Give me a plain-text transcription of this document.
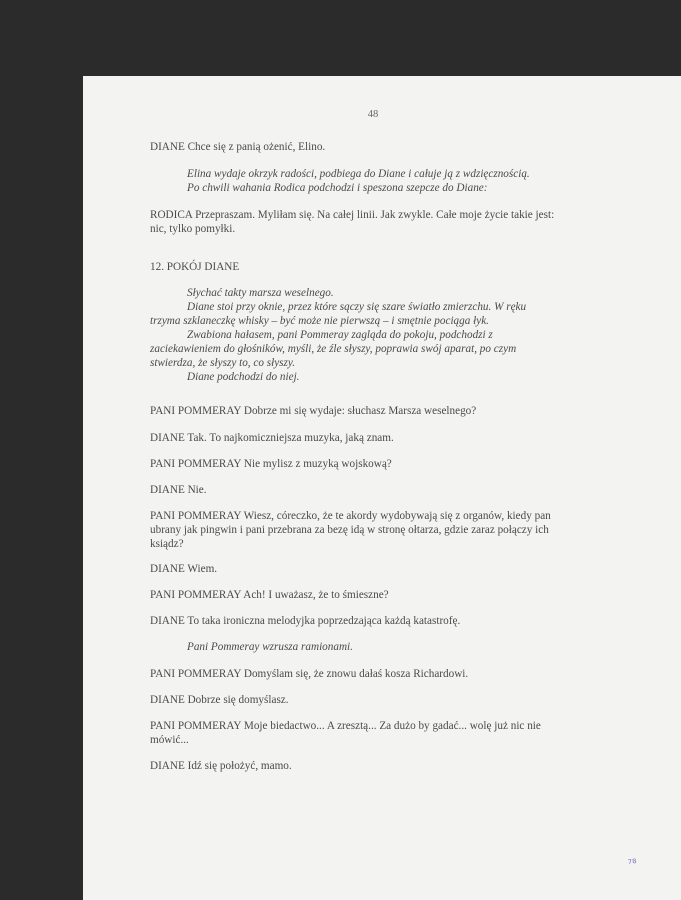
48

DIANE Chce się z panią ożenić, Elino.

Elina wydaje okrzyk radości, podbiega do Diane i całuje ją z wdzięcznością.

Po chwili wahania Rodica podchodzi i speszona szepcze do Diane:

RODICA Przepraszam. Myliłam się. Na całej linii. Jak zwykle. Całe moje życie takie jest: nic, tylko pomyłki.

12. POKÓJ DIANE

Słychać takty marsza weselnego.

Diane stoi przy oknie, przez które sączy się szare światło zmierzchu. W ręku trzyma szklaneczkę whisky – być może nie pierwszą – i smętnie pociąga łyk.

Zwabiona hałasem, pani Pommeray zagląda do pokoju, podchodzi z zaciekawieniem do głośników, myśli, że źle słyszy, poprawia swój aparat, po czym stwierdza, że słyszy to, co słyszy.

Diane podchodzi do niej.

PANI POMMERAY Dobrze mi się wydaje: słuchasz Marsza weselnego?

DIANE Tak. To najkomiczniejsza muzyka, jaką znam.

PANI POMMERAY Nie mylisz z muzyką wojskową?

DIANE Nie.

PANI POMMERAY Wiesz, córeczko, że te akordy wydobywają się z organów, kiedy pan ubrany jak pingwin i pani przebrana za bezę idą w stronę ołtarza, gdzie zaraz połączy ich ksiądz?

DIANE Wiem.

PANI POMMERAY Ach! I uważasz, że to śmieszne?

DIANE To taka ironiczna melodyjka poprzedzająca każdą katastrofę.

Pani Pommeray wzrusza ramionami.

PANI POMMERAY Domyślam się, że znowu dałaś kosza Richardowi.

DIANE Dobrze się domyślasz.

PANI POMMERAY Moje biedactwo... A zresztą... Za dużo by gadać... wolę już nic nie mówić...

DIANE Idź się położyć, mamo.

⁷⁸
